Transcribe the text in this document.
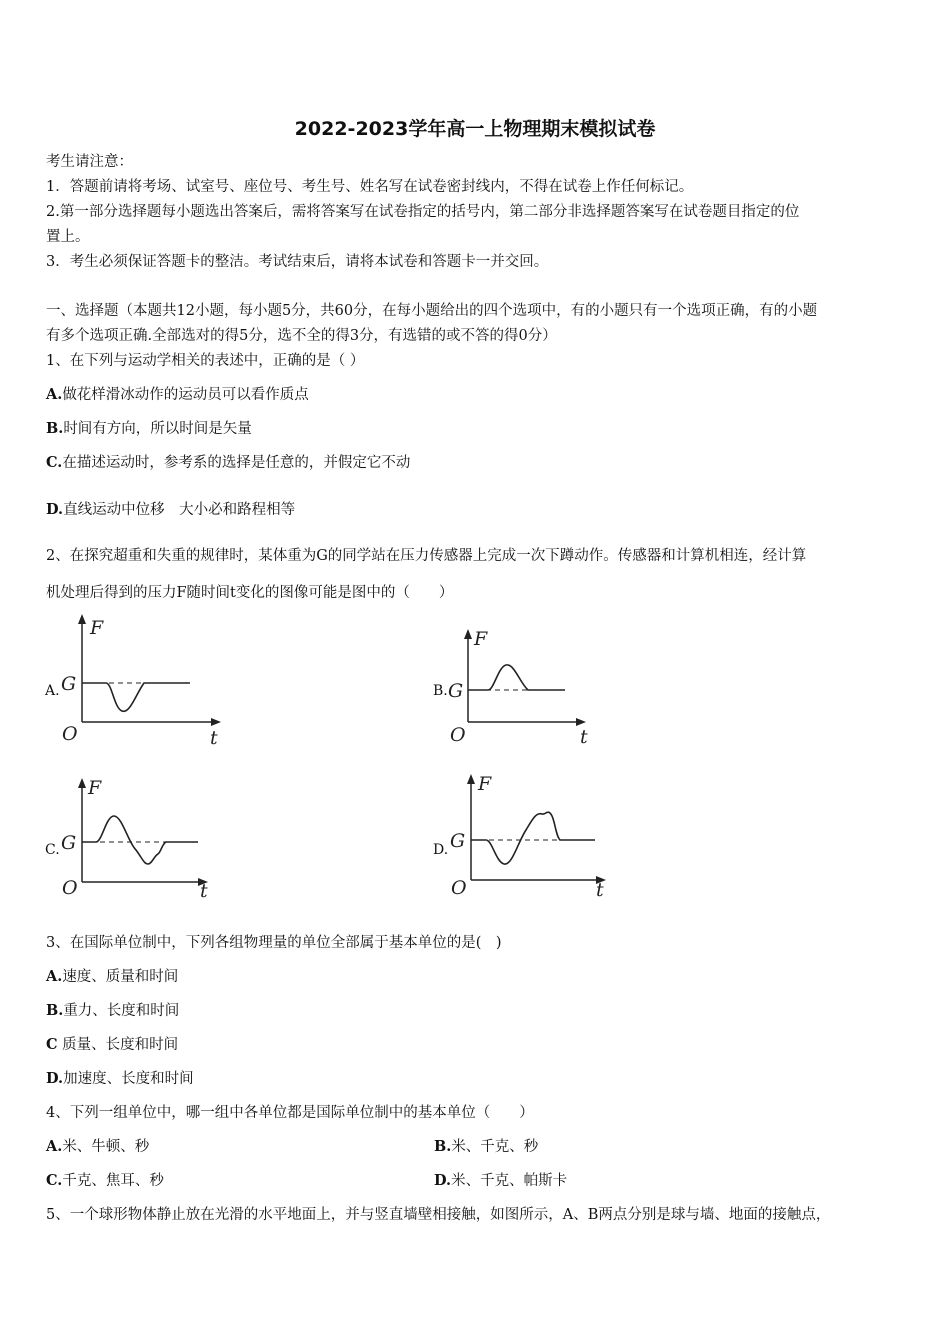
2022-2023学年高一上物理期末模拟试卷
考生请注意：
1．答题前请将考场、试室号、座位号、考生号、姓名写在试卷密封线内，不得在试卷上作任何标记。
2.第一部分选择题每小题选出答案后，需将答案写在试卷指定的括号内，第二部分非选择题答案写在试卷题目指定的位
置上。
3．考生必须保证答题卡的整洁。考试结束后，请将本试卷和答题卡一并交回。
一、选择题（本题共12小题，每小题5分，共60分，在每小题给出的四个选项中，有的小题只有一个选项正确，有的小题
有多个选项正确.全部选对的得5分，选不全的得3分，有选错的或不答的得0分）
1、在下列与运动学相关的表述中，正确的是（ ）
A.做花样滑冰动作的运动员可以看作质点
B.时间有方向，所以时间是矢量
C.在描述运动时，参考系的选择是任意的，并假定它不动
D.直线运动中位移　大小必和路程相等
2、在探究超重和失重的规律时，某体重为G的同学站在压力传感器上完成一次下蹲动作。传感器和计算机相连，经计算
机处理后得到的压力F随时间t变化的图像可能是图中的（　　）
A.
F
t
O
G	B.
F
t
O
G
C.
F
t
O
G	D.
F
t
O
G
3、在国际单位制中，下列各组物理量的单位全部属于基本单位的是(　)
A.速度、质量和时间
B.重力、长度和时间
C 质量、长度和时间
D.加速度、长度和时间
4、下列一组单位中，哪一组中各单位都是国际单位制中的基本单位（　　）
A.米、牛顿、秒	B.米、千克、秒
C.千克、焦耳、秒	D.米、千克、帕斯卡
5、一个球形物体静止放在光滑的水平地面上，并与竖直墙壁相接触，如图所示，A、B两点分别是球与墙、地面的接触点，
